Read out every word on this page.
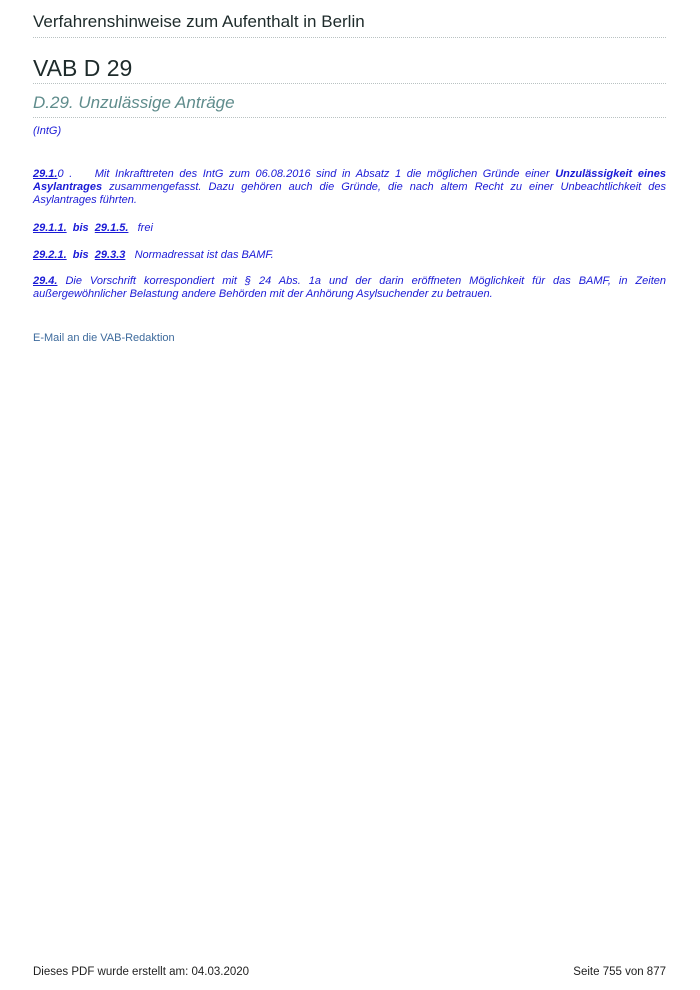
Verfahrenshinweise zum Aufenthalt in Berlin
VAB D 29
D.29. Unzulässige Anträge
(IntG)

29.1.0 . Mit Inkrafttreten des IntG zum 06.08.2016 sind in Absatz 1 die möglichen Gründe einer Unzulässigkeit eines Asylantrages zusammengefasst. Dazu gehören auch die Gründe, die nach altem Recht zu einer Unbeachtlichkeit des Asylantrages führten.

29.1.1. bis 29.1.5. frei

29.2.1. bis 29.3.3 Normadressat ist das BAMF.

29.4. Die Vorschrift korrespondiert mit § 24 Abs. 1a und der darin eröffneten Möglichkeit für das BAMF, in Zeiten außergewöhnlicher Belastung andere Behörden mit der Anhörung Asylsuchender zu betrauen.

E-Mail an die VAB-Redaktion
Dieses PDF wurde erstellt am: 04.03.2020	Seite 755 von 877
